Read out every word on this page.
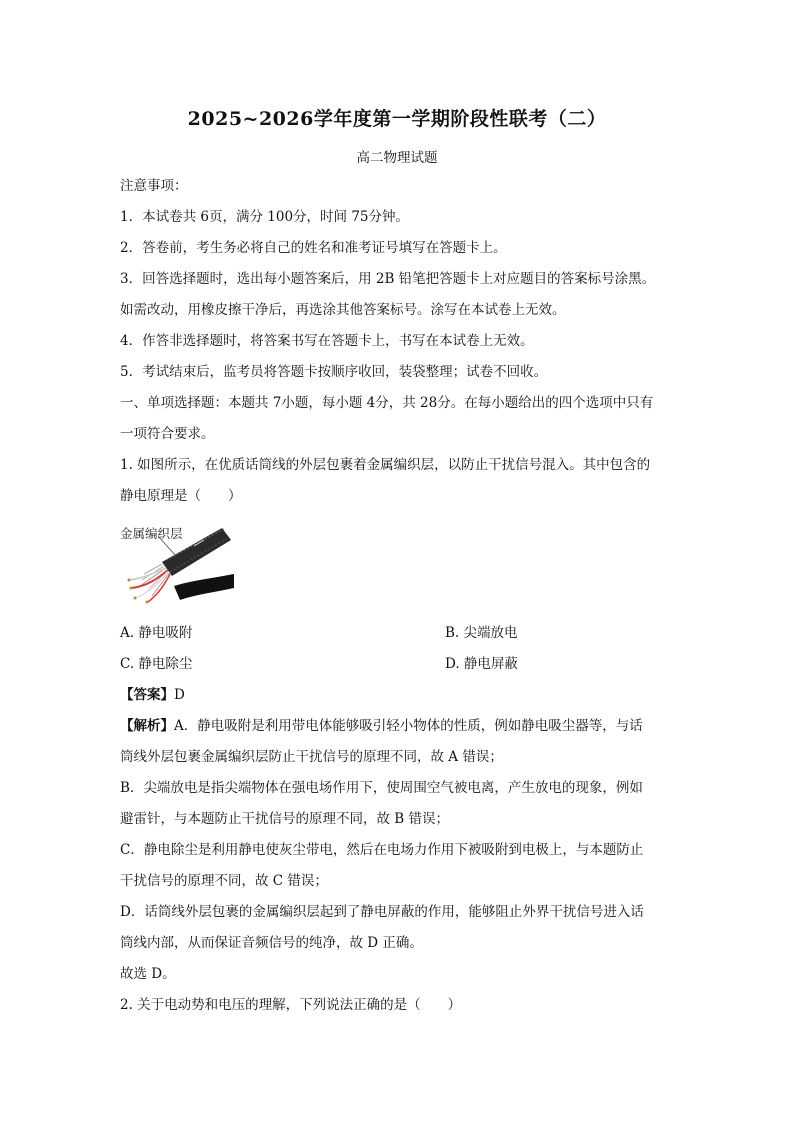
2025~2026学年度第一学期阶段性联考（二）
高二物理试题
注意事项：
1．本试卷共 6页，满分 100分，时间 75分钟。
2．答卷前，考生务必将自己的姓名和准考证号填写在答题卡上。
3．回答选择题时，选出每小题答案后，用 2B 铅笔把答题卡上对应题目的答案标号涂黑。
如需改动，用橡皮擦干净后，再选涂其他答案标号。涂写在本试卷上无效。
4．作答非选择题时，将答案书写在答题卡上，书写在本试卷上无效。
5．考试结束后，监考员将答题卡按顺序收回，装袋整理；试卷不回收。
一、单项选择题：本题共 7小题，每小题 4分，共 28分。在每小题给出的四个选项中只有
一项符合要求。
1. 如图所示，在优质话筒线的外层包裹着金属编织层，以防止干扰信号混入。其中包含的
静电原理是（　　）
金属编织层
A. 静电吸附	B. 尖端放电
C. 静电除尘	D. 静电屏蔽
【答案】D
【解析】A．静电吸附是利用带电体能够吸引轻小物体的性质，例如静电吸尘器等，与话
筒线外层包裹金属编织层防止干扰信号的原理不同，故 A 错误；
B．尖端放电是指尖端物体在强电场作用下，使周围空气被电离，产生放电的现象，例如
避雷针，与本题防止干扰信号的原理不同，故 B 错误；
C．静电除尘是利用静电使灰尘带电，然后在电场力作用下被吸附到电极上，与本题防止
干扰信号的原理不同，故 C 错误；
D．话筒线外层包裹的金属编织层起到了静电屏蔽的作用，能够阻止外界干扰信号进入话
筒线内部，从而保证音频信号的纯净，故 D 正确。
故选 D。
2. 关于电动势和电压的理解，下列说法正确的是（　　）
